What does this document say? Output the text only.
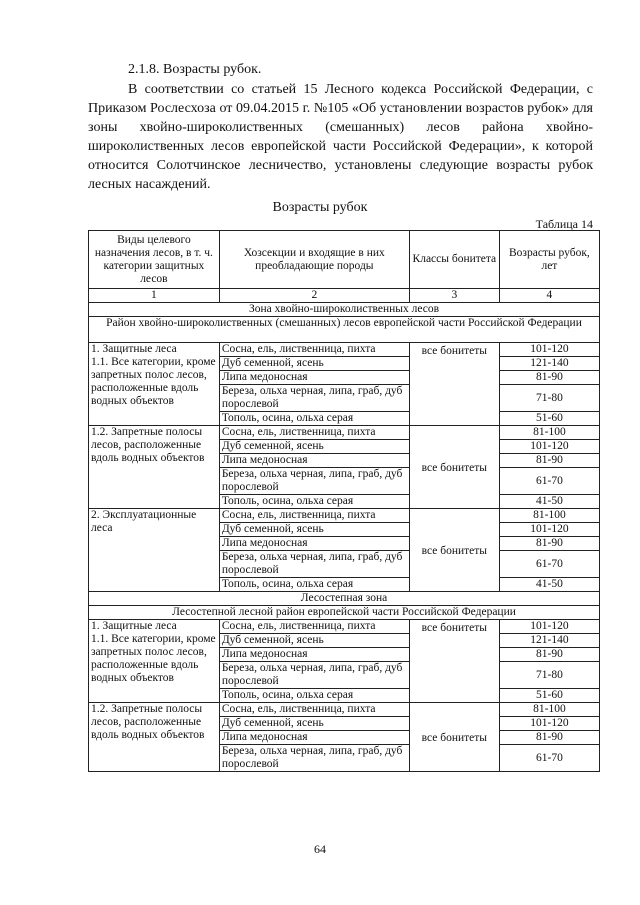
2.1.8. Возрасты рубок.

В соответствии со статьей 15 Лесного кодекса Российской Федерации, с Приказом Рослесхоза от 09.04.2015 г. №105 «Об установлении возрастов рубок» для зоны хвойно-широколиственных (смешанных) лесов района хвойно-широколиственных лесов европейской части Российской Федерации», к которой относится Солотчинское лесничество, установлены следующие возрасты рубок лесных насаждений.

Возрасты рубок
Таблица 14
Виды целевого назначения лесов, в т. ч. категории защитных лесов	Хозсекции и входящие в них преобладающие породы	Классы бонитета	Возрасты рубок, лет
1	2	3	4
Зона хвойно-широколиственных лесов			
Район хвойно-широколиственных (смешанных) лесов европейской части Российской Федерации			
1. Защитные леса
1.1. Все категории, кроме запретных полос лесов, расположенные вдоль водных объектов	Сосна, ель, лиственница, пихта	все бонитеты	101-120
	Дуб семенной, ясень		121-140
	Липа медоносная		81-90
	Береза, ольха черная, липа, граб, дуб порослевой		71-80
	Тополь, осина, ольха серая		51-60
1.2. Запретные полосы лесов, расположенные вдоль водных объектов	Сосна, ель, лиственница, пихта	все бонитеты	81-100
	Дуб семенной, ясень		101-120
	Липа медоносная		81-90
	Береза, ольха черная, липа, граб, дуб порослевой		61-70
	Тополь, осина, ольха серая		41-50
2. Эксплуатационные леса	Сосна, ель, лиственница, пихта	все бонитеты	81-100
	Дуб семенной, ясень		101-120
	Липа медоносная		81-90
	Береза, ольха черная, липа, граб, дуб порослевой		61-70
	Тополь, осина, ольха серая		41-50
Лесостепная зона			
Лесостепной лесной район европейской части Российской Федерации			
1. Защитные леса
1.1. Все категории, кроме запретных полос лесов, расположенные вдоль водных объектов	Сосна, ель, лиственница, пихта	все бонитеты	101-120
	Дуб семенной, ясень		121-140
	Липа медоносная		81-90
	Береза, ольха черная, липа, граб, дуб порослевой		71-80
	Тополь, осина, ольха серая		51-60
1.2. Запретные полосы лесов, расположенные вдоль водных объектов	Сосна, ель, лиственница, пихта	все бонитеты	81-100
	Дуб семенной, ясень		101-120
	Липа медоносная		81-90
	Береза, ольха черная, липа, граб, дуб порослевой		61-70
64
